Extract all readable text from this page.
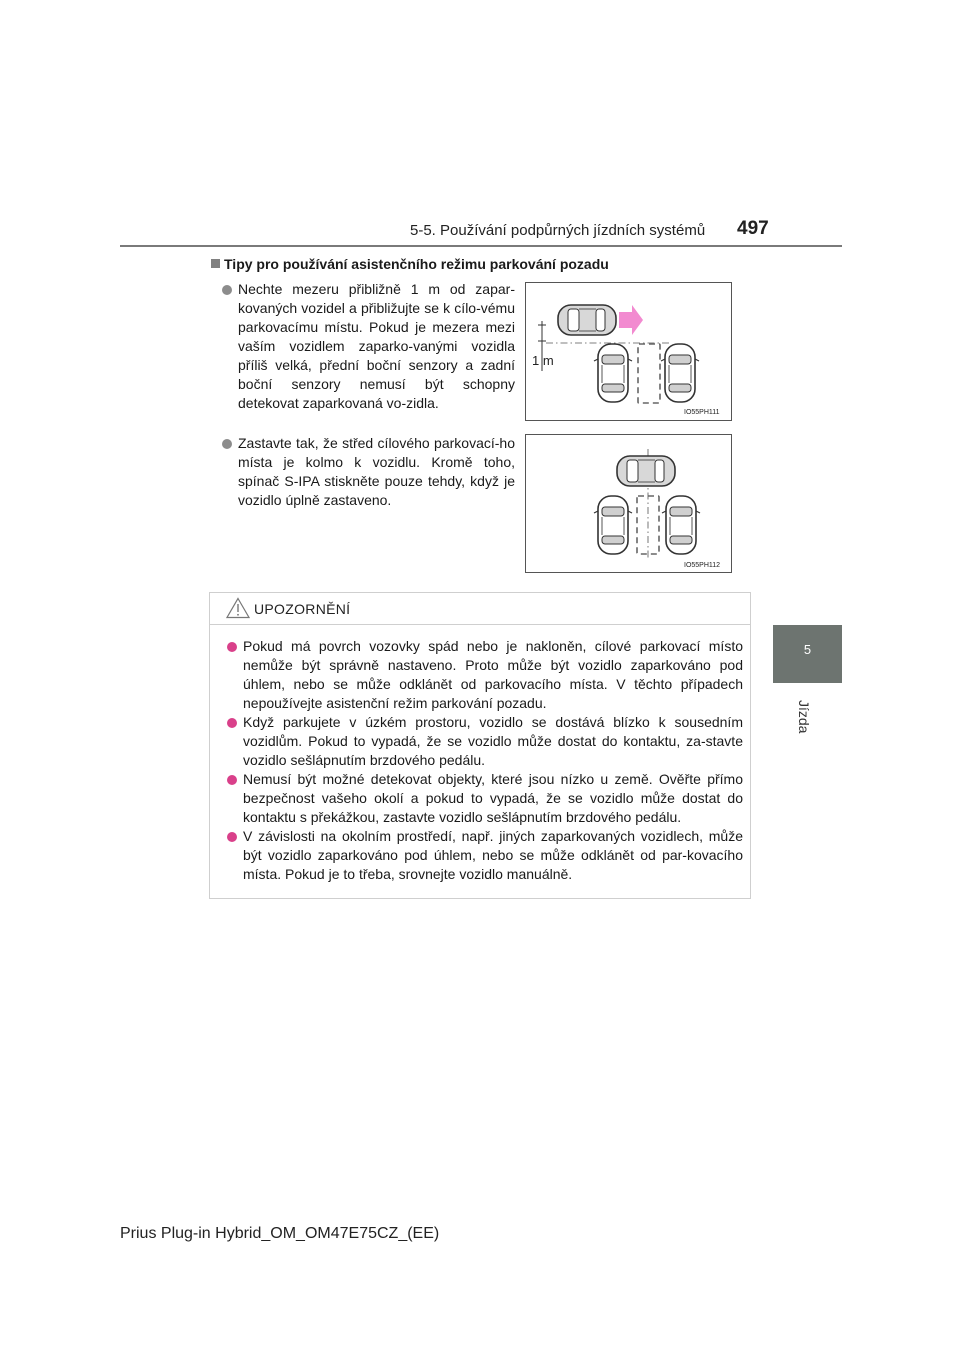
5-5. Používání podpůrných jízdních systémů 497
5
Jízda
Tipy pro používání asistenčního režimu parkování pozadu
Nechte mezeru přibližně 1 m od zapar-kovaných vozidel a přibližujte se k cílo-vému parkovacímu místu. Pokud je mezera mezi vaším vozidlem zaparko-vanými vozidla příliš velká, přední boční senzory a zadní boční senzory nemusí být schopny detekovat zaparkovaná vo-zidla.
Zastavte tak, že střed cílového parkovací-ho místa je kolmo k vozidlu. Kromě toho, spínač S-IPA stiskněte pouze tehdy, když je vozidlo úplně zastaveno.
1 m
IO55PH111
IO55PH112
UPOZORNĚNÍ
Pokud má povrch vozovky spád nebo je nakloněn, cílové parkovací místo nemůže být správně nastaveno. Proto může být vozidlo zaparkováno pod úhlem, nebo se může odklánět od parkovacího místa. V těchto případech nepoužívejte asistenční režim parkování pozadu.
Když parkujete v úzkém prostoru, vozidlo se dostává blízko k sousedním vozidlům. Pokud to vypadá, že se vozidlo může dostat do kontaktu, za-stavte vozidlo sešlápnutím brzdového pedálu.
Nemusí být možné detekovat objekty, které jsou nízko u země. Ověřte přímo bezpečnost vašeho okolí a pokud to vypadá, že se vozidlo může dostat do kontaktu s překážkou, zastavte vozidlo sešlápnutím brzdového pedálu.
V závislosti na okolním prostředí, např. jiných zaparkovaných vozidlech, může být vozidlo zaparkováno pod úhlem, nebo se může odklánět od par-kovacího místa. Pokud je to třeba, srovnejte vozidlo manuálně.
Prius Plug-in Hybrid_OM_OM47E75CZ_(EE)
